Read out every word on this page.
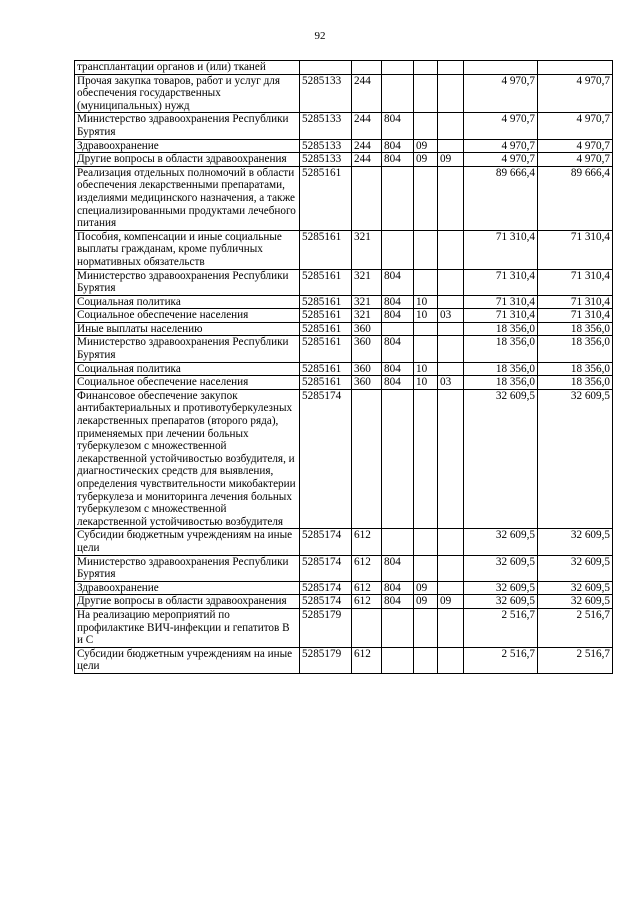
92
трансплантации органов и (или) тканей							
Прочая закупка товаров, работ и услуг для обеспечения государственных (муниципальных) нужд	5285133	244				4 970,7	4 970,7
Министерство здравоохранения Республики Бурятия	5285133	244	804			4 970,7	4 970,7
Здравоохранение	5285133	244	804	09		4 970,7	4 970,7
Другие вопросы в области здравоохранения	5285133	244	804	09	09	4 970,7	4 970,7
Реализация отдельных полномочий в области обеспечения лекарственными препаратами, изделиями медицинского назначения, а также специализированными продуктами лечебного питания	5285161					89 666,4	89 666,4
Пособия, компенсации и иные социальные выплаты гражданам, кроме публичных нормативных обязательств	5285161	321				71 310,4	71 310,4
Министерство здравоохранения Республики Бурятия	5285161	321	804			71 310,4	71 310,4
Социальная политика	5285161	321	804	10		71 310,4	71 310,4
Социальное обеспечение населения	5285161	321	804	10	03	71 310,4	71 310,4
Иные выплаты населению	5285161	360				18 356,0	18 356,0
Министерство здравоохранения Республики Бурятия	5285161	360	804			18 356,0	18 356,0
Социальная политика	5285161	360	804	10		18 356,0	18 356,0
Социальное обеспечение населения	5285161	360	804	10	03	18 356,0	18 356,0
Финансовое обеспечение закупок антибактериальных и противотуберкулезных лекарственных препаратов (второго ряда), применяемых при лечении больных туберкулезом с множественной лекарственной устойчивостью возбудителя, и диагностических средств для выявления, определения чувствительности микобактерии туберкулеза и мониторинга лечения больных туберкулезом с множественной лекарственной устойчивостью возбудителя	5285174					32 609,5	32 609,5
Субсидии бюджетным учреждениям на иные цели	5285174	612				32 609,5	32 609,5
Министерство здравоохранения Республики Бурятия	5285174	612	804			32 609,5	32 609,5
Здравоохранение	5285174	612	804	09		32 609,5	32 609,5
Другие вопросы в области здравоохранения	5285174	612	804	09	09	32 609,5	32 609,5
На реализацию мероприятий по профилактике ВИЧ-инфекции и гепатитов В и С	5285179					2 516,7	2 516,7
Субсидии бюджетным учреждениям на иные цели	5285179	612				2 516,7	2 516,7
